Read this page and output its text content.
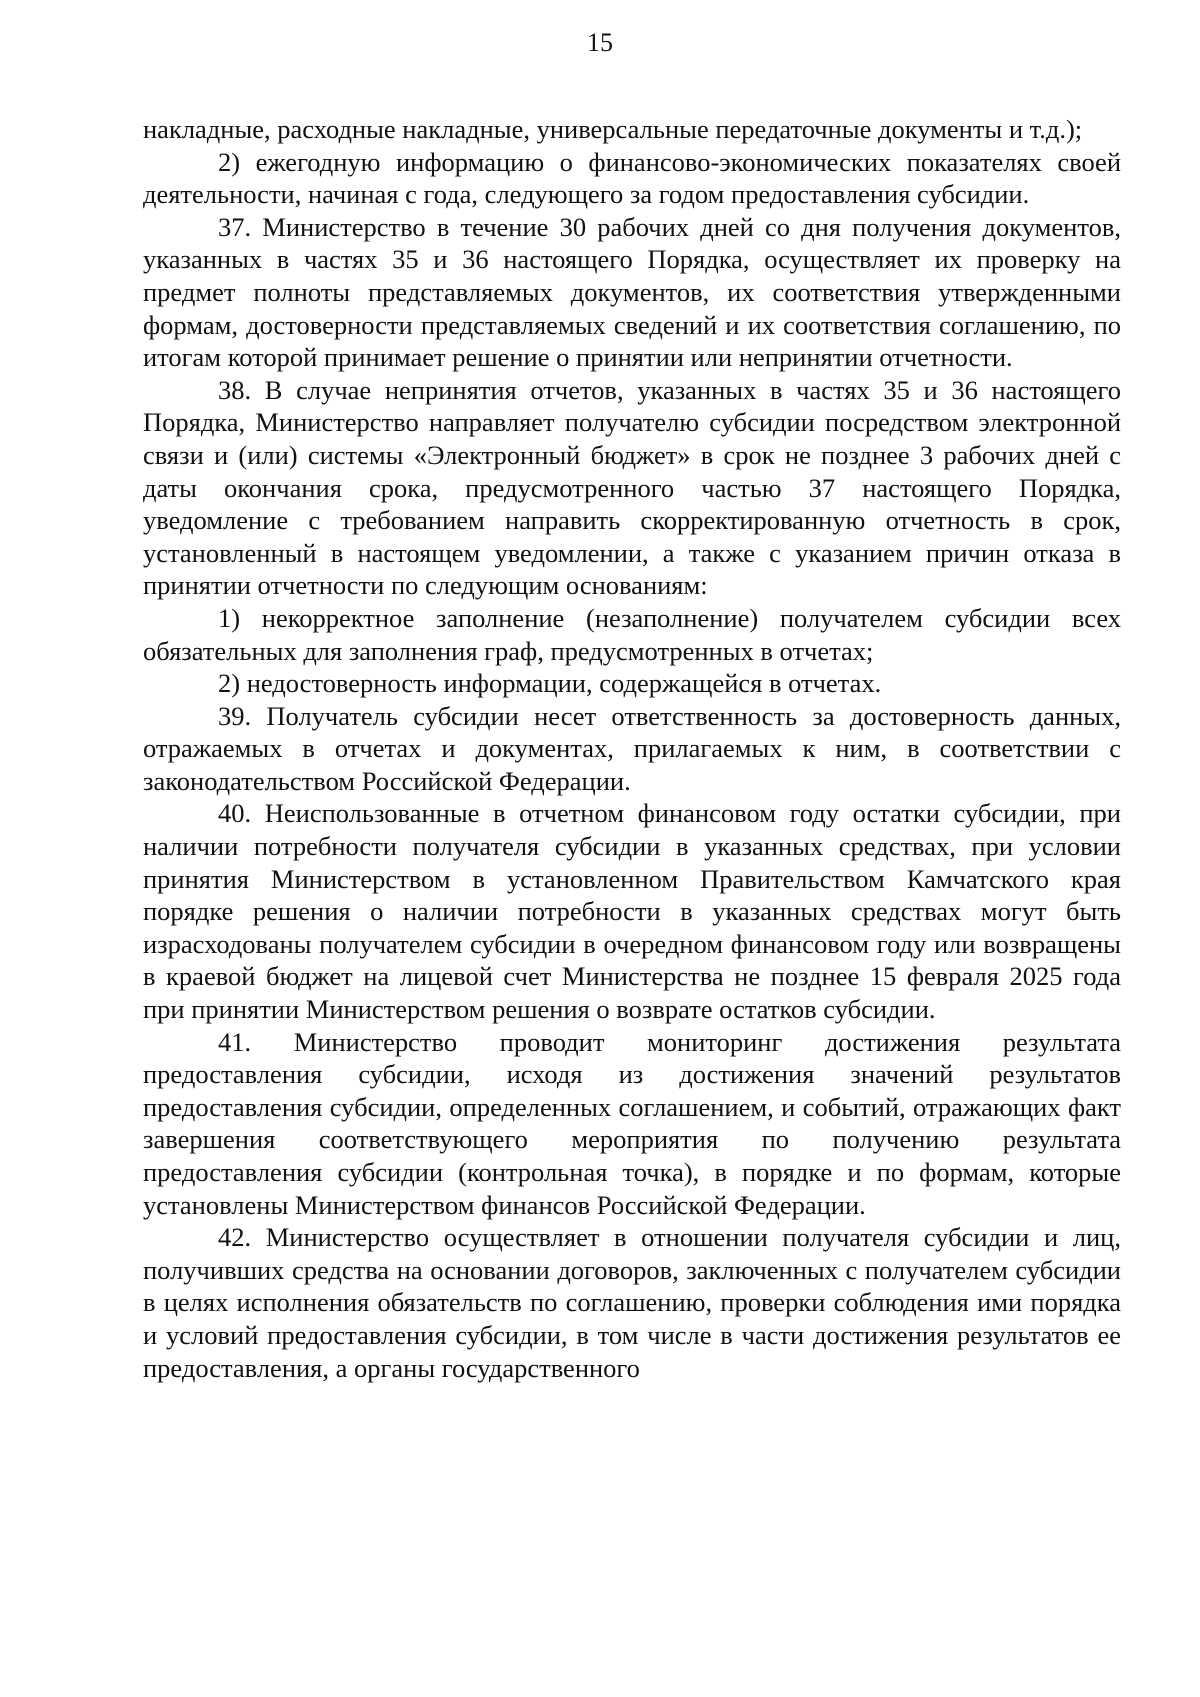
15

накладные, расходные накладные, универсальные передаточные документы и т.д.);

2) ежегодную информацию о финансово-экономических показателях своей деятельности, начиная с года, следующего за годом предоставления субсидии.

37. Министерство в течение 30 рабочих дней со дня получения документов, указанных в частях 35 и 36 настоящего Порядка, осуществляет их проверку на предмет полноты представляемых документов, их соответствия утвержденными формам, достоверности представляемых сведений и их соответствия соглашению, по итогам которой принимает решение о принятии или непринятии отчетности.

38. В случае непринятия отчетов, указанных в частях 35 и 36 настоящего Порядка, Министерство направляет получателю субсидии посредством электронной связи и (или) системы «Электронный бюджет» в срок не позднее 3 рабочих дней с даты окончания срока, предусмотренного частью 37 настоящего Порядка, уведомление с требованием направить скорректированную отчетность в срок, установленный в настоящем уведомлении, а также с указанием причин отказа в принятии отчетности по следующим основаниям:

1) некорректное заполнение (незаполнение) получателем субсидии всех обязательных для заполнения граф, предусмотренных в отчетах;

2) недостоверность информации, содержащейся в отчетах.

39. Получатель субсидии несет ответственность за достоверность данных, отражаемых в отчетах и документах, прилагаемых к ним, в соответствии с законодательством Российской Федерации.

40. Неиспользованные в отчетном финансовом году остатки субсидии, при наличии потребности получателя субсидии в указанных средствах, при условии принятия Министерством в установленном Правительством Камчатского края порядке решения о наличии потребности в указанных средствах могут быть израсходованы получателем субсидии в очередном финансовом году или возвращены в краевой бюджет на лицевой счет Министерства не позднее 15 февраля 2025 года при принятии Министерством решения о возврате остатков субсидии.

41. Министерство проводит мониторинг достижения результата предоставления субсидии, исходя из достижения значений результатов предоставления субсидии, определенных соглашением, и событий, отражающих факт завершения соответствующего мероприятия по получению результата предоставления субсидии (контрольная точка), в порядке и по формам, которые установлены Министерством финансов Российской Федерации.

42. Министерство осуществляет в отношении получателя субсидии и лиц, получивших средства на основании договоров, заключенных с получателем субсидии в целях исполнения обязательств по соглашению, проверки соблюдения ими порядка и условий предоставления субсидии, в том числе в части достижения результатов ее предоставления, а органы государственного
